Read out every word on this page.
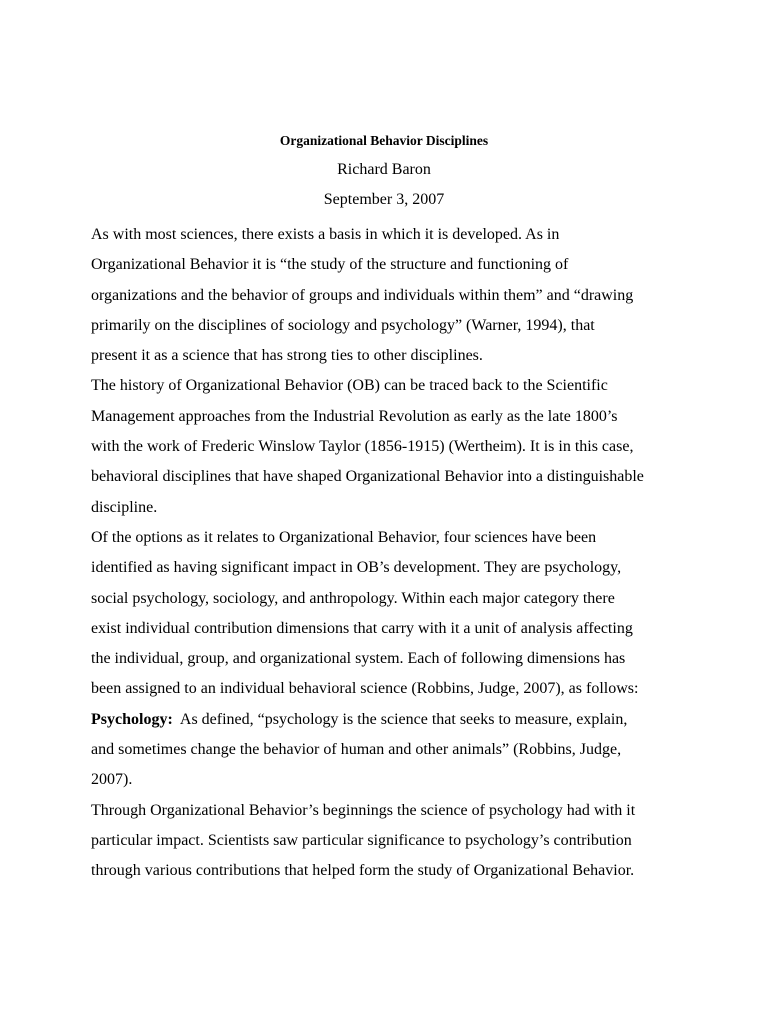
Organizational Behavior Disciplines
Richard Baron
September 3, 2007
As with most sciences, there exists a basis in which it is developed. As in
Organizational Behavior it is “the study of the structure and functioning of
organizations and the behavior of groups and individuals within them” and “drawing
primarily on the disciplines of sociology and psychology” (Warner, 1994), that
present it as a science that has strong ties to other disciplines.
The history of Organizational Behavior (OB) can be traced back to the Scientific
Management approaches from the Industrial Revolution as early as the late 1800’s
with the work of Frederic Winslow Taylor (1856-1915) (Wertheim). It is in this case,
behavioral disciplines that have shaped Organizational Behavior into a distinguishable
discipline.
Of the options as it relates to Organizational Behavior, four sciences have been
identified as having significant impact in OB’s development. They are psychology,
social psychology, sociology, and anthropology. Within each major category there
exist individual contribution dimensions that carry with it a unit of analysis affecting
the individual, group, and organizational system. Each of following dimensions has
been assigned to an individual behavioral science (Robbins, Judge, 2007), as follows:
Psychology:  As defined, “psychology is the science that seeks to measure, explain,
and sometimes change the behavior of human and other animals” (Robbins, Judge,
2007).
Through Organizational Behavior’s beginnings the science of psychology had with it
particular impact. Scientists saw particular significance to psychology’s contribution
through various contributions that helped form the study of Organizational Behavior.
